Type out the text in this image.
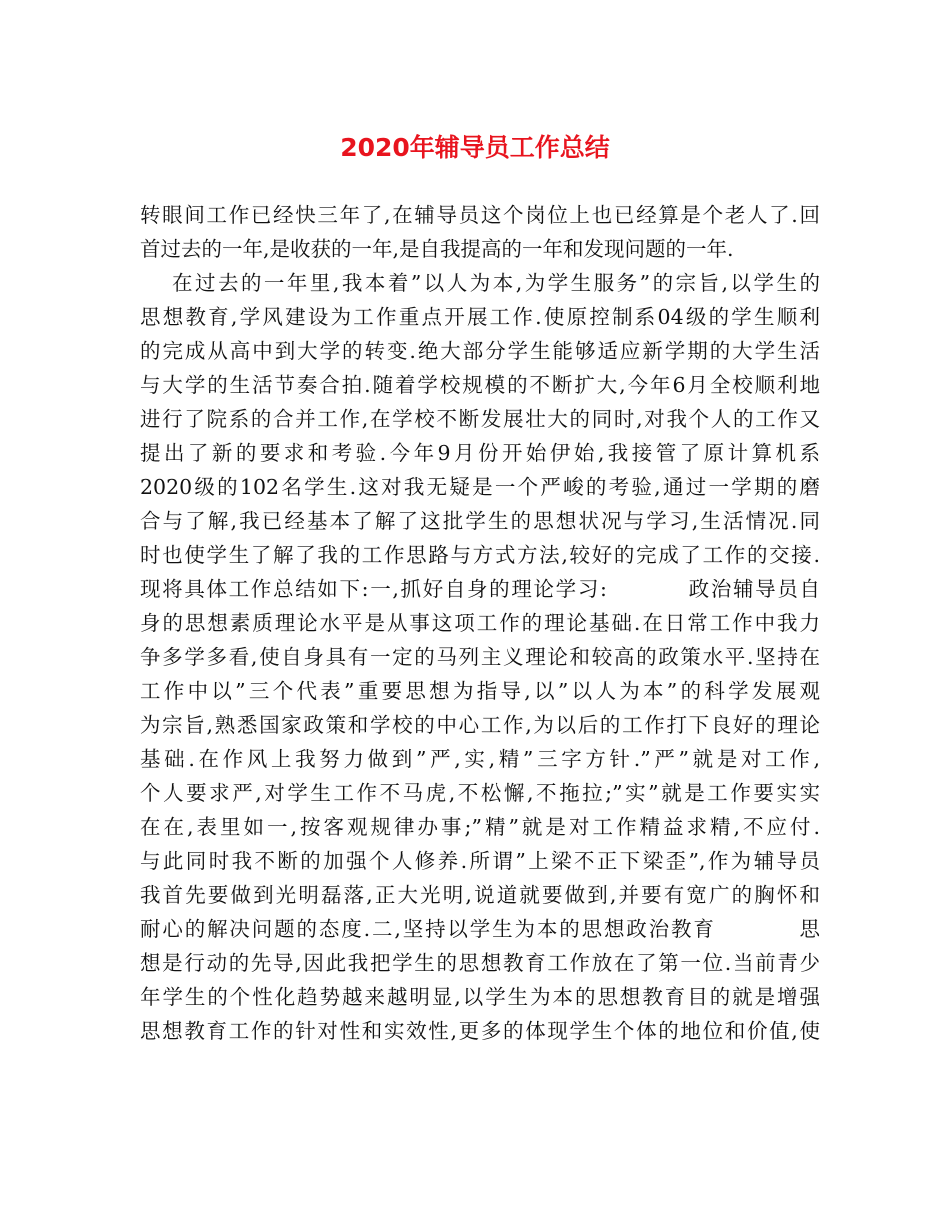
2020年辅导员工作总结
转眼间工作已经快三年了,在辅导员这个岗位上也已经算是个老人了.回
首过去的一年,是收获的一年,是自我提高的一年和发现问题的一年.
在过去的一年里,我本着”以人为本,为学生服务”的宗旨,以学生的
思想教育,学风建设为工作重点开展工作.使原控制系04级的学生顺利
的完成从高中到大学的转变.绝大部分学生能够适应新学期的大学生活
与大学的生活节奏合拍.随着学校规模的不断扩大,今年6月全校顺利地
进行了院系的合并工作,在学校不断发展壮大的同时,对我个人的工作又
提出了新的要求和考验.今年9月份开始伊始,我接管了原计算机系
2020级的102名学生.这对我无疑是一个严峻的考验,通过一学期的磨
合与了解,我已经基本了解了这批学生的思想状况与学习,生活情况.同
时也使学生了解了我的工作思路与方式方法,较好的完成了工作的交接.
现将具体工作总结如下:一,抓好自身的理论学习:          政治辅导员自
身的思想素质理论水平是从事这项工作的理论基础.在日常工作中我力
争多学多看,使自身具有一定的马列主义理论和较高的政策水平.坚持在
工作中以”三个代表”重要思想为指导,以”以人为本”的科学发展观
为宗旨,熟悉国家政策和学校的中心工作,为以后的工作打下良好的理论
基础.在作风上我努力做到”严,实,精”三字方针.”严”就是对工作,
个人要求严,对学生工作不马虎,不松懈,不拖拉;”实”就是工作要实实
在在,表里如一,按客观规律办事;”精”就是对工作精益求精,不应付.
与此同时我不断的加强个人修养.所谓”上梁不正下梁歪”,作为辅导员
我首先要做到光明磊落,正大光明,说道就要做到,并要有宽广的胸怀和
耐心的解决问题的态度.二,坚持以学生为本的思想政治教育          思
想是行动的先导,因此我把学生的思想教育工作放在了第一位.当前青少
年学生的个性化趋势越来越明显,以学生为本的思想教育目的就是增强
思想教育工作的针对性和实效性,更多的体现学生个体的地位和价值,使
